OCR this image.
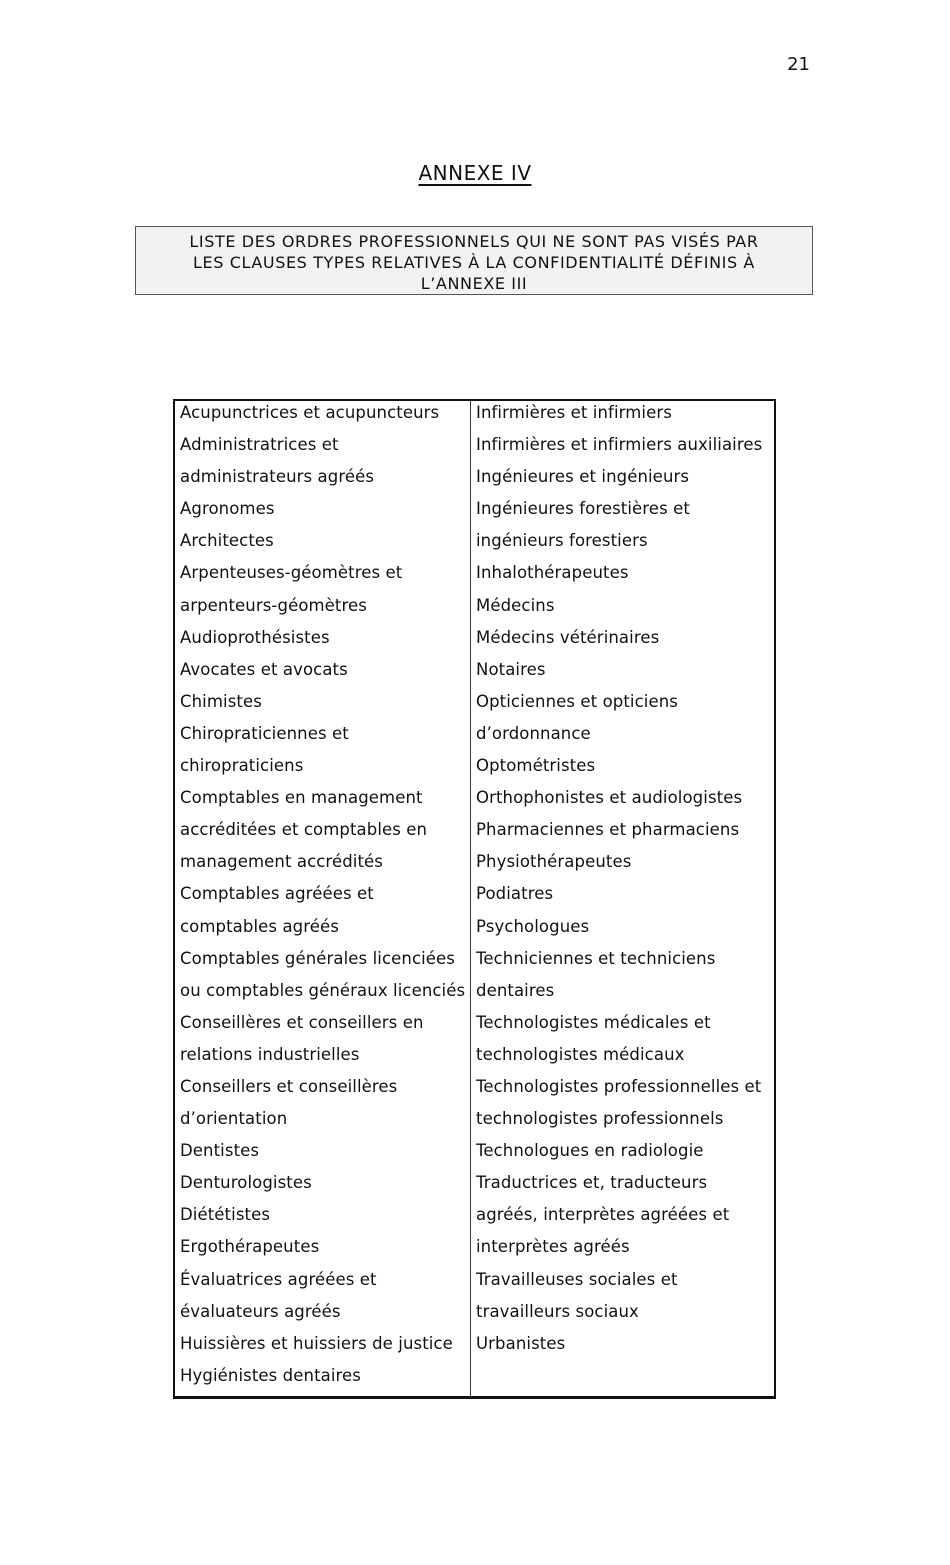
21
ANNEXE IV
LISTE DES ORDRES PROFESSIONNELS QUI NE SONT PAS VISÉS PAR
LES CLAUSES TYPES RELATIVES À LA CONFIDENTIALITÉ DÉFINIS À
L’ANNEXE III
Acupunctrices et acupuncteurs
Administratrices et
administrateurs agréés
Agronomes
Architectes
Arpenteuses-géomètres et
arpenteurs-géomètres
Audioprothésistes
Avocates et avocats
Chimistes
Chiropraticiennes et
chiropraticiens
Comptables en management
accréditées et comptables en
management accrédités
Comptables agréées et
comptables agréés
Comptables générales licenciées
ou comptables généraux licenciés
Conseillères et conseillers en
relations industrielles
Conseillers et conseillères
d’orientation
Dentistes
Denturologistes
Diététistes
Ergothérapeutes
Évaluatrices agréées et
évaluateurs agréés
Huissières et huissiers de justice
Hygiénistes dentaires
Infirmières et infirmiers
Infirmières et infirmiers auxiliaires
Ingénieures et ingénieurs
Ingénieures forestières et
ingénieurs forestiers
Inhalothérapeutes
Médecins
Médecins vétérinaires
Notaires
Opticiennes et opticiens
d’ordonnance
Optométristes
Orthophonistes et audiologistes
Pharmaciennes et pharmaciens
Physiothérapeutes
Podiatres
Psychologues
Techniciennes et techniciens
dentaires
Technologistes médicales et
technologistes médicaux
Technologistes professionnelles et
technologistes professionnels
Technologues en radiologie
Traductrices et, traducteurs
agréés, interprètes agréées et
interprètes agréés
Travailleuses sociales et
travailleurs sociaux
Urbanistes
